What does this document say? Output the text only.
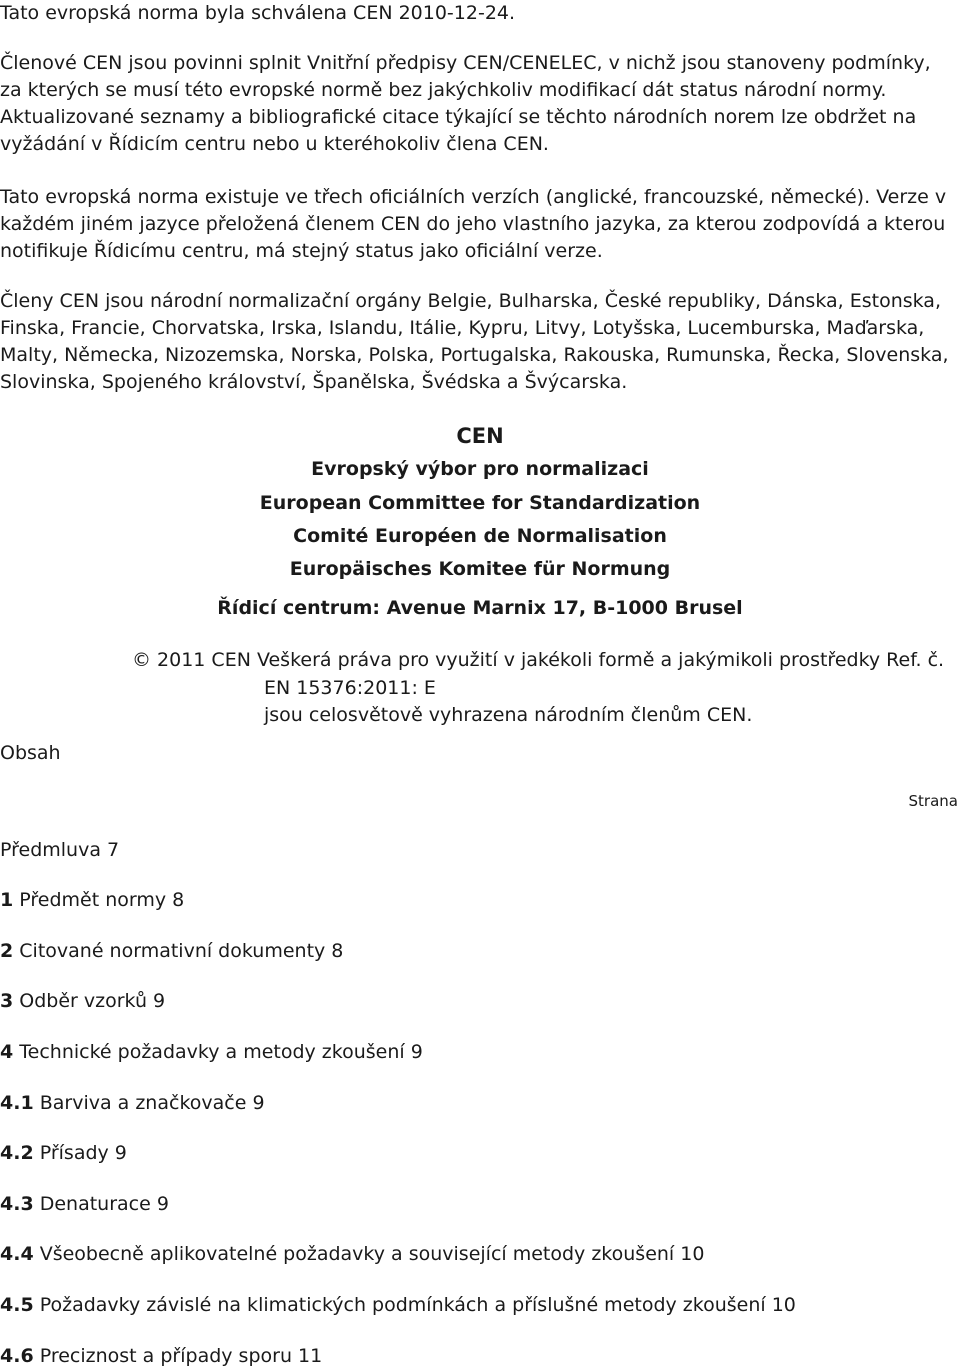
Tato evropská norma byla schválena CEN 2010-12-24.

Členové CEN jsou povinni splnit Vnitřní předpisy CEN/CENELEC, v nichž jsou stanoveny podmínky, za kterých se musí této evropské normě bez jakýchkoliv modifikací dát status národní normy. Aktualizované seznamy a bibliografické citace týkající se těchto národních norem lze obdržet na vyžádání v Řídicím centru nebo u kteréhokoliv člena CEN.

Tato evropská norma existuje ve třech oficiálních verzích (anglické, francouzské, německé). Verze v každém jiném jazyce přeložená členem CEN do jeho vlastního jazyka, za kterou zodpovídá a kterou notifikuje Řídicímu centru, má stejný status jako oficiální verze.

Členy CEN jsou národní normalizační orgány Belgie, Bulharska, České republiky, Dánska, Estonska, Finska, Francie, Chorvatska, Irska, Islandu, Itálie, Kypru, Litvy, Lotyšska, Lucemburska, Maďarska, Malty, Německa, Nizozemska, Norska, Polska, Portugalska, Rakouska, Rumunska, Řecka, Slovenska, Slovinska, Spojeného království, Španělska, Švédska a Švýcarska.

CEN

Evropský výbor pro normalizaci

European Committee for Standardization

Comité Européen de Normalisation

Europäisches Komitee für Normung

Řídicí centrum: Avenue Marnix 17, B-1000 Brusel

© 2011 CEN Veškerá práva pro využití v jakékoli formě a jakýmikoli prostředky Ref. č.

EN 15376:2011: E

jsou celosvětově vyhrazena národním členům CEN.

Obsah

Strana

Předmluva 7

1 Předmět normy 8

2 Citované normativní dokumenty 8

3 Odběr vzorků 9

4 Technické požadavky a metody zkoušení 9

4.1 Barviva a značkovače 9

4.2 Přísady 9

4.3 Denaturace 9

4.4 Všeobecně aplikovatelné požadavky a související metody zkoušení 10

4.5 Požadavky závislé na klimatických podmínkách a příslušné metody zkoušení 10

4.6 Preciznost a případy sporu 11
